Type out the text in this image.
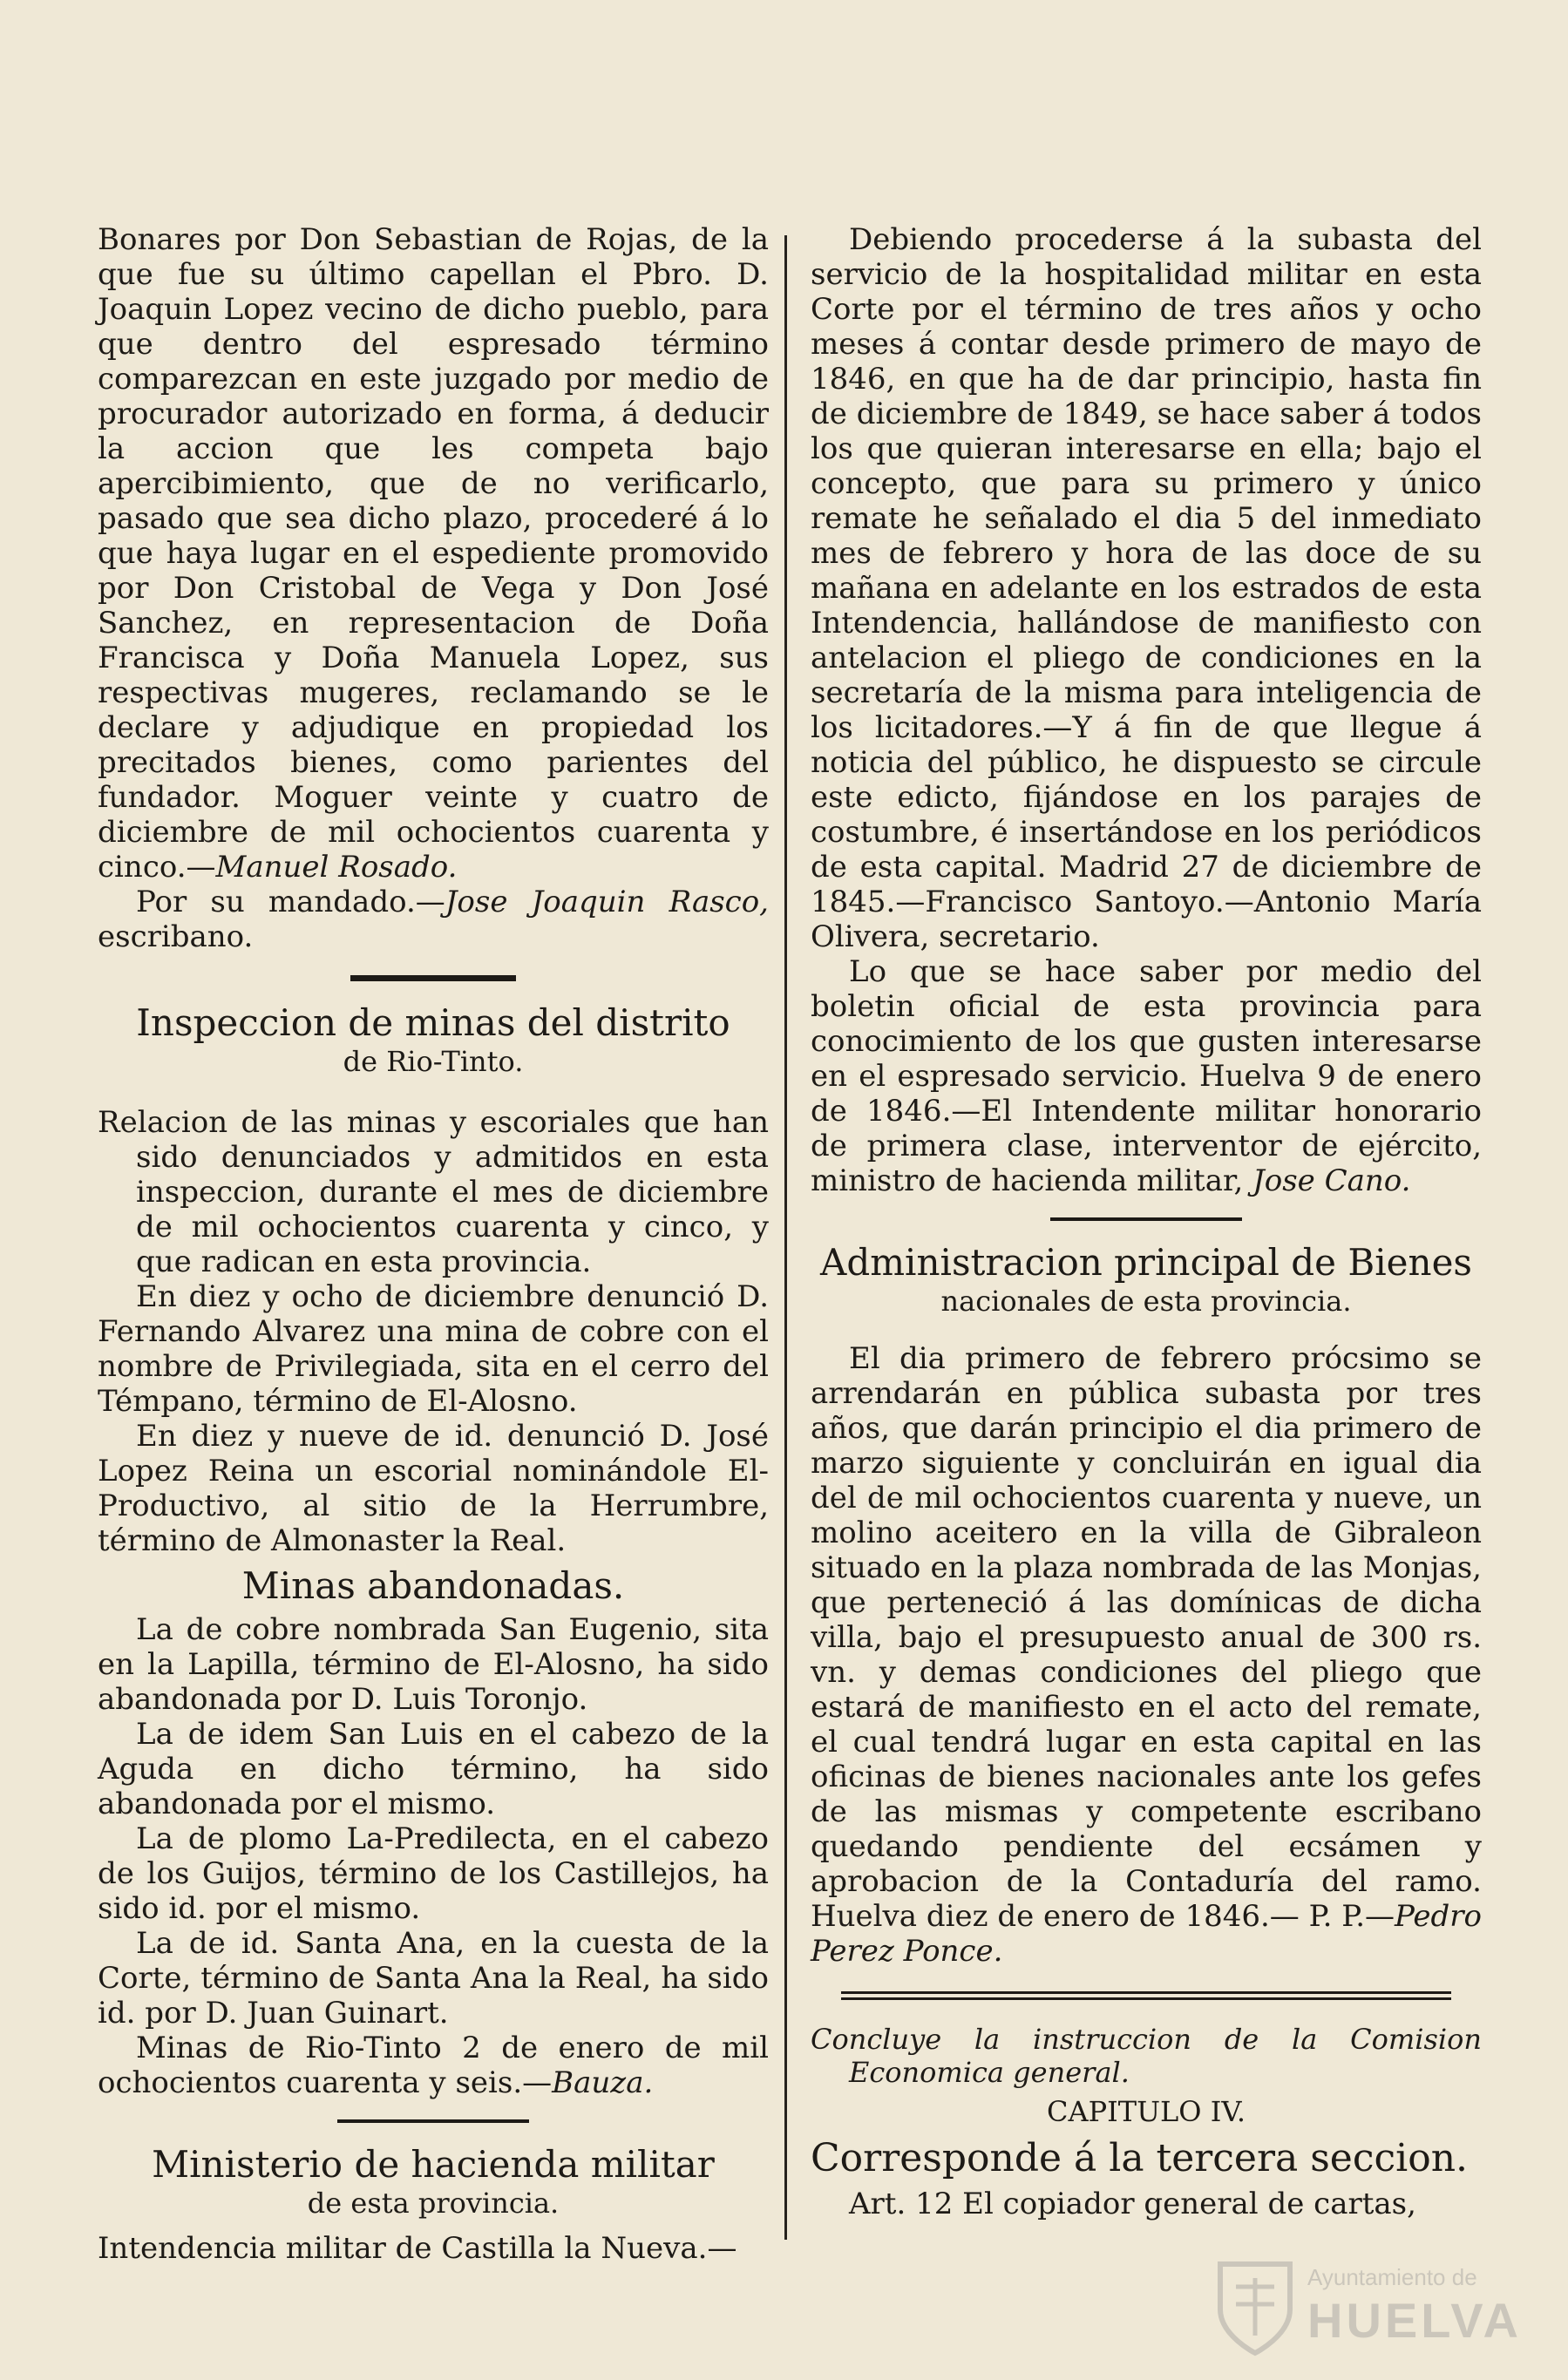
Bonares por Don Sebastian de Rojas, de la que fue su último capellan el Pbro. D. Joaquin Lopez vecino de dicho pueblo, para que dentro del espresado término comparezcan en este juzgado por medio de procurador autorizado en forma, á deducir la accion que les competa bajo apercibimiento, que de no verificarlo, pasado que sea dicho plazo, procederé á lo que haya lugar en el espediente promovido por Don Cristobal de Vega y Don José Sanchez, en representacion de Doña Francisca y Doña Manuela Lopez, sus respectivas mugeres, reclamando se le declare y adjudique en propiedad los precitados bienes, como parientes del fundador. Moguer veinte y cuatro de diciembre de mil ochocientos cuarenta y cinco.—Manuel Rosado.

Por su mandado.—Jose Joaquin Rasco, escribano.

Inspeccion de minas del distrito
de Rio-Tinto.

Relacion de las minas y escoriales que han sido denunciados y admitidos en esta inspeccion, durante el mes de diciembre de mil ochocientos cuarenta y cinco, y que radican en esta provincia.

En diez y ocho de diciembre denunció D. Fernando Alvarez una mina de cobre con el nombre de Privilegiada, sita en el cerro del Témpano, término de El-Alosno.

En diez y nueve de id. denunció D. José Lopez Reina un escorial nominándole El-Productivo, al sitio de la Herrumbre, término de Almonaster la Real.

Minas abandonadas.

La de cobre nombrada San Eugenio, sita en la Lapilla, término de El-Alosno, ha sido abandonada por D. Luis Toronjo.

La de idem San Luis en el cabezo de la Aguda en dicho término, ha sido abandonada por el mismo.

La de plomo La-Predilecta, en el cabezo de los Guijos, término de los Castillejos, ha sido id. por el mismo.

La de id. Santa Ana, en la cuesta de la Corte, término de Santa Ana la Real, ha sido id. por D. Juan Guinart.

Minas de Rio-Tinto 2 de enero de mil ochocientos cuarenta y seis.—Bauza.

Ministerio de hacienda militar
de esta provincia.

Intendencia militar de Castilla la Nueva.—

Debiendo procederse á la subasta del servicio de la hospitalidad militar en esta Corte por el término de tres años y ocho meses á contar desde primero de mayo de 1846, en que ha de dar principio, hasta fin de diciembre de 1849, se hace saber á todos los que quieran interesarse en ella; bajo el concepto, que para su primero y único remate he señalado el dia 5 del inmediato mes de febrero y hora de las doce de su mañana en adelante en los estrados de esta Intendencia, hallándose de manifiesto con antelacion el pliego de condiciones en la secretaría de la misma para inteligencia de los licitadores.—Y á fin de que llegue á noticia del público, he dispuesto se circule este edicto, fijándose en los parajes de costumbre, é insertándose en los periódicos de esta capital. Madrid 27 de diciembre de 1845.—Francisco Santoyo.—Antonio María Olivera, secretario.

Lo que se hace saber por medio del boletin oficial de esta provincia para conocimiento de los que gusten interesarse en el espresado servicio. Huelva 9 de enero de 1846.—El Intendente militar honorario de primera clase, interventor de ejército, ministro de hacienda militar, Jose Cano.

Administracion principal de Bienes
nacionales de esta provincia.

El dia primero de febrero prócsimo se arrendarán en pública subasta por tres años, que darán principio el dia primero de marzo siguiente y concluirán en igual dia del de mil ochocientos cuarenta y nueve, un molino aceitero en la villa de Gibraleon situado en la plaza nombrada de las Monjas, que perteneció á las domínicas de dicha villa, bajo el presupuesto anual de 300 rs. vn. y demas condiciones del pliego que estará de manifiesto en el acto del remate, el cual tendrá lugar en esta capital en las oficinas de bienes nacionales ante los gefes de las mismas y competente escribano quedando pendiente del ecsámen y aprobacion de la Contaduría del ramo. Huelva diez de enero de 1846.— P. P.—Pedro Perez Ponce.

Concluye la instruccion de la Comision Economica general.

CAPITULO IV.

Corresponde á la tercera seccion.

Art. 12 El copiador general de cartas,

Ayuntamiento de
HUELVA
